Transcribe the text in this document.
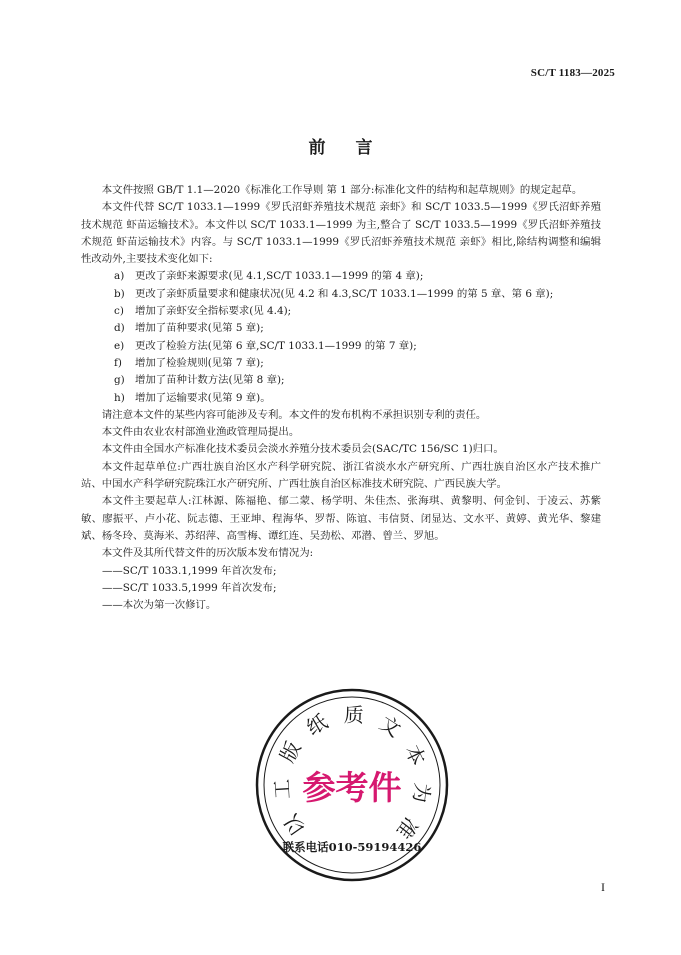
SC/T 1183—2025
前言

本文件按照 GB/T 1.1—2020《标准化工作导则 第 1 部分:标准化文件的结构和起草规则》的规定起草。

本文件代替 SC/T 1033.1—1999《罗氏沼虾养殖技术规范 亲虾》和 SC/T 1033.5—1999《罗氏沼虾养殖技术规范 虾苗运输技术》。本文件以 SC/T 1033.1—1999 为主,整合了 SC/T 1033.5—1999《罗氏沼虾养殖技术规范 虾苗运输技术》内容。与 SC/T 1033.1—1999《罗氏沼虾养殖技术规范 亲虾》相比,除结构调整和编辑性改动外,主要技术变化如下:

a) 更改了亲虾来源要求(见 4.1,SC/T 1033.1—1999 的第 4 章);

b) 更改了亲虾质量要求和健康状况(见 4.2 和 4.3,SC/T 1033.1—1999 的第 5 章、第 6 章);

c) 增加了亲虾安全指标要求(见 4.4);

d) 增加了苗种要求(见第 5 章);

e) 更改了检验方法(见第 6 章,SC/T 1033.1—1999 的第 7 章);

f) 增加了检验规则(见第 7 章);

g) 增加了苗种计数方法(见第 8 章);

h) 增加了运输要求(见第 9 章)。

请注意本文件的某些内容可能涉及专利。本文件的发布机构不承担识别专利的责任。

本文件由农业农村部渔业渔政管理局提出。

本文件由全国水产标准化技术委员会淡水养殖分技术委员会(SAC/TC 156/SC 1)归口。

本文件起草单位:广西壮族自治区水产科学研究院、浙江省淡水水产研究所、广西壮族自治区水产技术推广站、中国水产科学研究院珠江水产研究所、广西壮族自治区标准技术研究院、广西民族大学。

本文件主要起草人:江林源、陈福艳、郁二蒙、杨学明、朱佳杰、张海琪、黄黎明、何金钊、于凌云、苏紫敏、廖振平、卢小花、阮志德、王亚坤、程海华、罗帮、陈谊、韦信贤、闭显达、文水平、黄婷、黄光华、黎建斌、杨冬玲、莫海米、苏绍萍、高雪梅、谭红连、吴劲松、邓潜、曾兰、罗旭。

本文件及其所代替文件的历次版本发布情况为:

——SC/T 1033.1,1999 年首次发布;

——SC/T 1033.5,1999 年首次发布;

——本次为第一次修订。

以
工
版
纸 质 文
本
为
准
参考件
联系电话010-59194426
I
